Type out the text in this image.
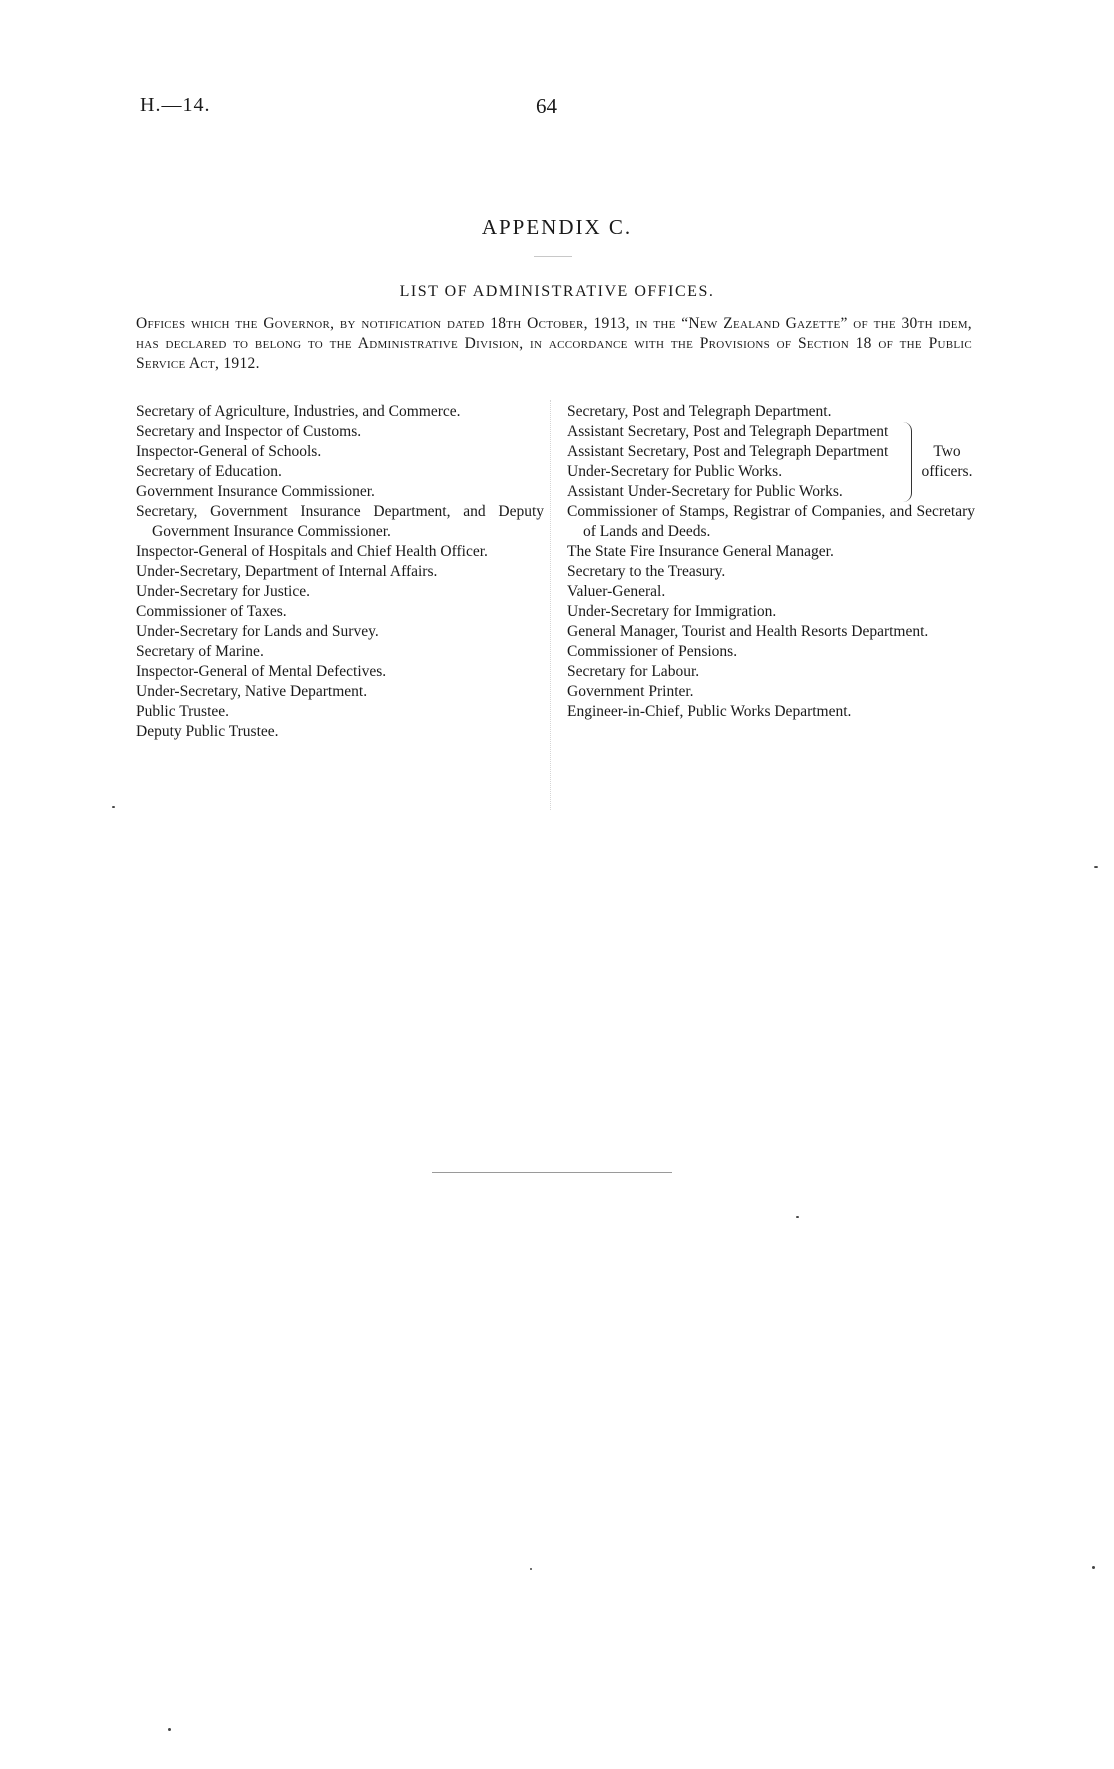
H.—14.	64
APPENDIX C.
LIST OF ADMINISTRATIVE OFFICES.
Offices which the Governor, by notification dated 18th October, 1913, in the “New Zealand Gazette” of the 30th idem, has declared to belong to the Administrative Division, in accordance with the Provisions of Section 18 of the Public Service Act, 1912.
Secretary of Agriculture, Industries, and Commerce.
Secretary and Inspector of Customs.
Inspector-General of Schools.
Secretary of Education.
Government Insurance Commissioner.
Secretary, Government Insurance Department, and Deputy Government Insurance Commissioner.
Inspector-General of Hospitals and Chief Health Officer.
Under-Secretary, Department of Internal Affairs.
Under-Secretary for Justice.
Commissioner of Taxes.
Under-Secretary for Lands and Survey.
Secretary of Marine.
Inspector-General of Mental Defectives.
Under-Secretary, Native Department.
Public Trustee.
Deputy Public Trustee.
Secretary, Post and Telegraph Department.
Assistant Secretary, Post and Telegraph Department
Assistant Secretary, Post and Telegraph Department	Two officers.
Under-Secretary for Public Works.
Assistant Under-Secretary for Public Works.
Commissioner of Stamps, Registrar of Companies, and Secretary of Lands and Deeds.
The State Fire Insurance General Manager.
Secretary to the Treasury.
Valuer-General.
Under-Secretary for Immigration.
General Manager, Tourist and Health Resorts Department.
Commissioner of Pensions.
Secretary for Labour.
Government Printer.
Engineer-in-Chief, Public Works Department.
